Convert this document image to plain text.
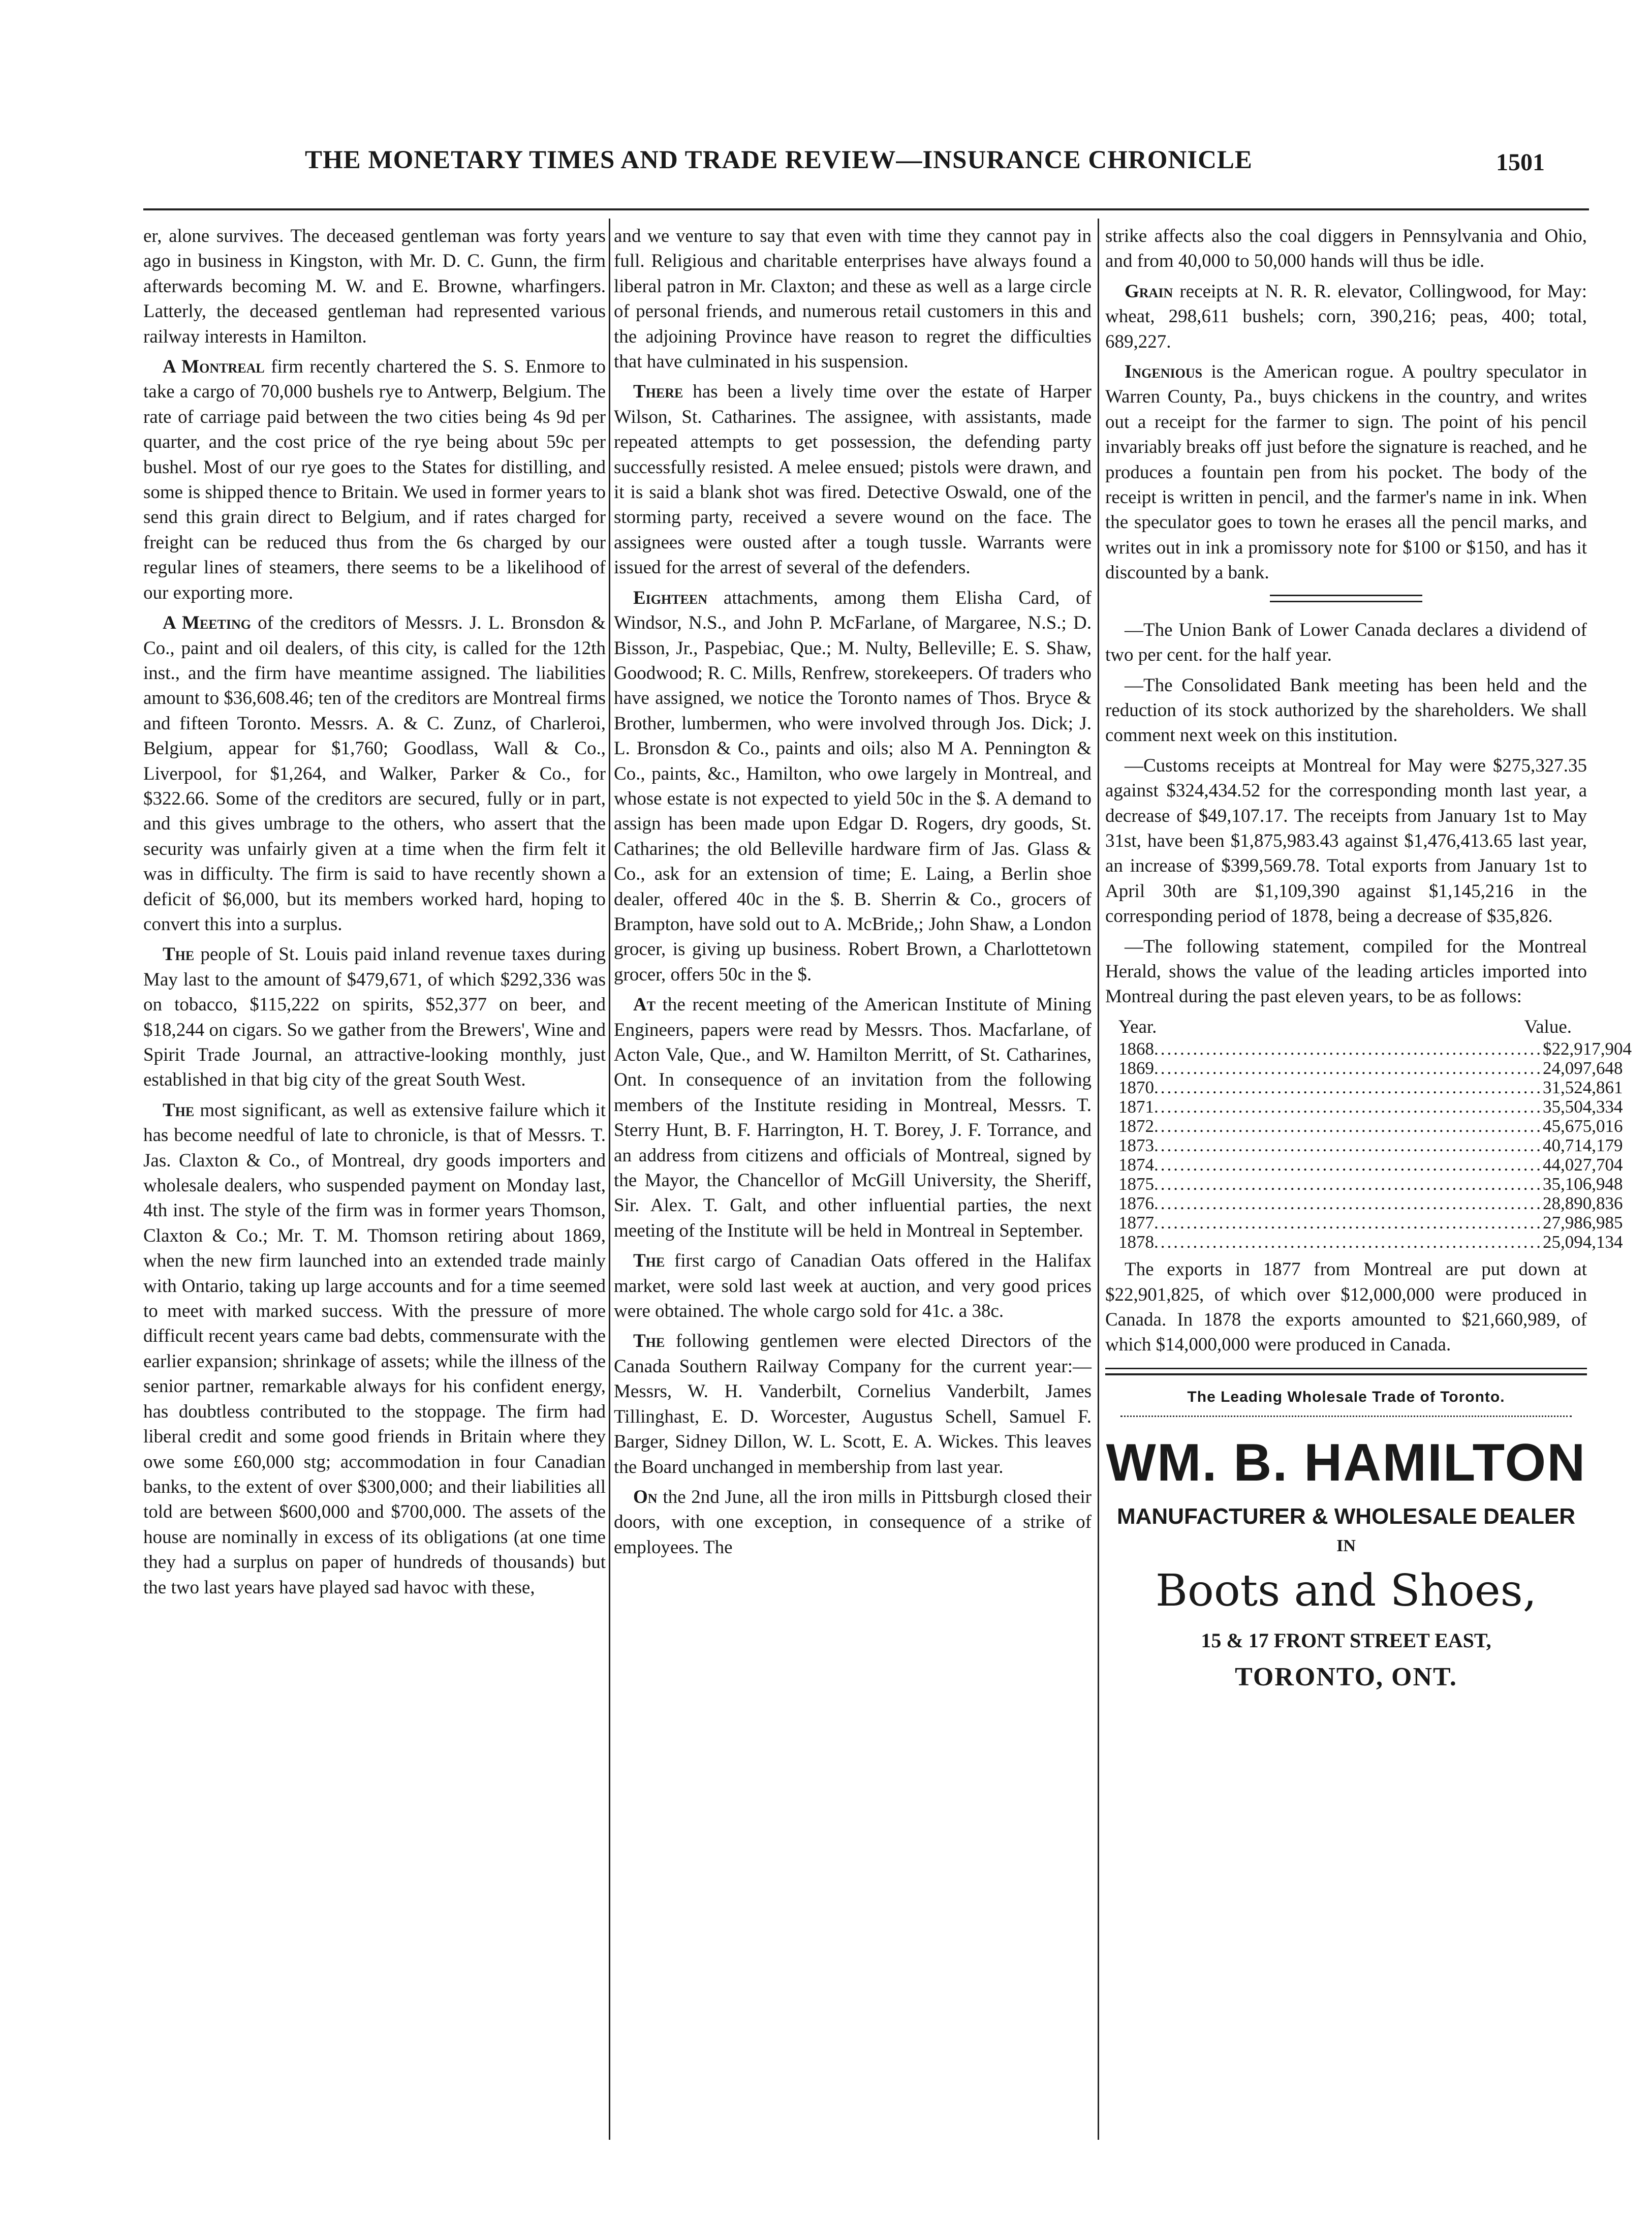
THE MONETARY TIMES AND TRADE REVIEW—INSURANCE CHRONICLE	1501

er, alone survives. The deceased gentleman was forty years ago in business in Kingston, with Mr. D. C. Gunn, the firm afterwards becoming M. W. and E. Browne, wharfingers. Latterly, the deceased gentleman had represented various railway interests in Hamilton.

A Montreal firm recently chartered the S. S. Enmore to take a cargo of 70,000 bushels rye to Antwerp, Belgium. The rate of carriage paid between the two cities being 4s 9d per quarter, and the cost price of the rye being about 59c per bushel. Most of our rye goes to the States for distilling, and some is shipped thence to Britain. We used in former years to send this grain direct to Belgium, and if rates charged for freight can be reduced thus from the 6s charged by our regular lines of steamers, there seems to be a likelihood of our exporting more.

A Meeting of the creditors of Messrs. J. L. Bronsdon & Co., paint and oil dealers, of this city, is called for the 12th inst., and the firm have meantime assigned. The liabilities amount to $36,608.46; ten of the creditors are Montreal firms and fifteen Toronto. Messrs. A. & C. Zunz, of Charleroi, Belgium, appear for $1,760; Goodlass, Wall & Co., Liverpool, for $1,264, and Walker, Parker & Co., for $322.66. Some of the creditors are secured, fully or in part, and this gives umbrage to the others, who assert that the security was unfairly given at a time when the firm felt it was in difficulty. The firm is said to have recently shown a deficit of $6,000, but its members worked hard, hoping to convert this into a surplus.

The people of St. Louis paid inland revenue taxes during May last to the amount of $479,671, of which $292,336 was on tobacco, $115,222 on spirits, $52,377 on beer, and $18,244 on cigars. So we gather from the Brewers', Wine and Spirit Trade Journal, an attractive-looking monthly, just established in that big city of the great South West.

The most significant, as well as extensive failure which it has become needful of late to chronicle, is that of Messrs. T. Jas. Claxton & Co., of Montreal, dry goods importers and wholesale dealers, who suspended payment on Monday last, 4th inst. The style of the firm was in former years Thomson, Claxton & Co.; Mr. T. M. Thomson retiring about 1869, when the new firm launched into an extended trade mainly with Ontario, taking up large accounts and for a time seemed to meet with marked success. With the pressure of more difficult recent years came bad debts, commensurate with the earlier expansion; shrinkage of assets; while the illness of the senior partner, remarkable always for his confident energy, has doubtless contributed to the stoppage. The firm had liberal credit and some good friends in Britain where they owe some £60,000 stg; accommodation in four Canadian banks, to the extent of over $300,000; and their liabilities all told are between $600,000 and $700,000. The assets of the house are nominally in excess of its obligations (at one time they had a surplus on paper of hundreds of thousands) but the two last years have played sad havoc with these,

and we venture to say that even with time they cannot pay in full. Religious and charitable enterprises have always found a liberal patron in Mr. Claxton; and these as well as a large circle of personal friends, and numerous retail customers in this and the adjoining Province have reason to regret the difficulties that have culminated in his suspension.

There has been a lively time over the estate of Harper Wilson, St. Catharines. The assignee, with assistants, made repeated attempts to get possession, the defending party successfully resisted. A melee ensued; pistols were drawn, and it is said a blank shot was fired. Detective Oswald, one of the storming party, received a severe wound on the face. The assignees were ousted after a tough tussle. Warrants were issued for the arrest of several of the defenders.

Eighteen attachments, among them Elisha Card, of Windsor, N.S., and John P. McFarlane, of Margaree, N.S.; D. Bisson, Jr., Paspebiac, Que.; M. Nulty, Belleville; E. S. Shaw, Goodwood; R. C. Mills, Renfrew, storekeepers. Of traders who have assigned, we notice the Toronto names of Thos. Bryce & Brother, lumbermen, who were involved through Jos. Dick; J. L. Bronsdon & Co., paints and oils; also M A. Pennington & Co., paints, &c., Hamilton, who owe largely in Montreal, and whose estate is not expected to yield 50c in the $. A demand to assign has been made upon Edgar D. Rogers, dry goods, St. Catharines; the old Belleville hardware firm of Jas. Glass & Co., ask for an extension of time; E. Laing, a Berlin shoe dealer, offered 40c in the $. B. Sherrin & Co., grocers of Brampton, have sold out to A. McBride,; John Shaw, a London grocer, is giving up business. Robert Brown, a Charlottetown grocer, offers 50c in the $.

At the recent meeting of the American Institute of Mining Engineers, papers were read by Messrs. Thos. Macfarlane, of Acton Vale, Que., and W. Hamilton Merritt, of St. Catharines, Ont. In consequence of an invitation from the following members of the Institute residing in Montreal, Messrs. T. Sterry Hunt, B. F. Harrington, H. T. Borey, J. F. Torrance, and an address from citizens and officials of Montreal, signed by the Mayor, the Chancellor of McGill University, the Sheriff, Sir. Alex. T. Galt, and other influential parties, the next meeting of the Institute will be held in Montreal in September.

The first cargo of Canadian Oats offered in the Halifax market, were sold last week at auction, and very good prices were obtained. The whole cargo sold for 41c. a 38c.

The following gentlemen were elected Directors of the Canada Southern Railway Company for the current year:—Messrs, W. H. Vanderbilt, Cornelius Vanderbilt, James Tillinghast, E. D. Worcester, Augustus Schell, Samuel F. Barger, Sidney Dillon, W. L. Scott, E. A. Wickes. This leaves the Board unchanged in membership from last year.

On the 2nd June, all the iron mills in Pittsburgh closed their doors, with one exception, in consequence of a strike of employees. The

strike affects also the coal diggers in Pennsylvania and Ohio, and from 40,000 to 50,000 hands will thus be idle.

Grain receipts at N. R. R. elevator, Collingwood, for May: wheat, 298,611 bushels; corn, 390,216; peas, 400; total, 689,227.

Ingenious is the American rogue. A poultry speculator in Warren County, Pa., buys chickens in the country, and writes out a receipt for the farmer to sign. The point of his pencil invariably breaks off just before the signature is reached, and he produces a fountain pen from his pocket. The body of the receipt is written in pencil, and the farmer's name in ink. When the speculator goes to town he erases all the pencil marks, and writes out in ink a promissory note for $100 or $150, and has it discounted by a bank.

—The Union Bank of Lower Canada declares a dividend of two per cent. for the half year.

—The Consolidated Bank meeting has been held and the reduction of its stock authorized by the shareholders. We shall comment next week on this institution.

—Customs receipts at Montreal for May were $275,327.35 against $324,434.52 for the corresponding month last year, a decrease of $49,107.17. The receipts from January 1st to May 31st, have been $1,875,983.43 against $1,476,413.65 last year, an increase of $399,569.78. Total exports from January 1st to April 30th are $1,109,390 against $1,145,216 in the corresponding period of 1878, being a decrease of $35,826.

—The following statement, compiled for the Montreal Herald, shows the value of the leading articles imported into Montreal during the past eleven years, to be as follows:

Year.	Value.
1868 ............................................................ $22,917,904
1869 ............................................................ 24,097,648
1870 ............................................................ 31,524,861
1871 ............................................................ 35,504,334
1872 ............................................................ 45,675,016
1873 ............................................................ 40,714,179
1874 ............................................................ 44,027,704
1875 ............................................................ 35,106,948
1876 ............................................................ 28,890,836
1877 ............................................................ 27,986,985
1878 ............................................................ 25,094,134

The exports in 1877 from Montreal are put down at $22,901,825, of which over $12,000,000 were produced in Canada. In 1878 the exports amounted to $21,660,989, of which $14,000,000 were produced in Canada.

The Leading Wholesale Trade of Toronto.
WM. B. HAMILTON
MANUFACTURER & WHOLESALE DEALER
IN
Boots and Shoes,
15 & 17 FRONT STREET EAST,
TORONTO, ONT.
